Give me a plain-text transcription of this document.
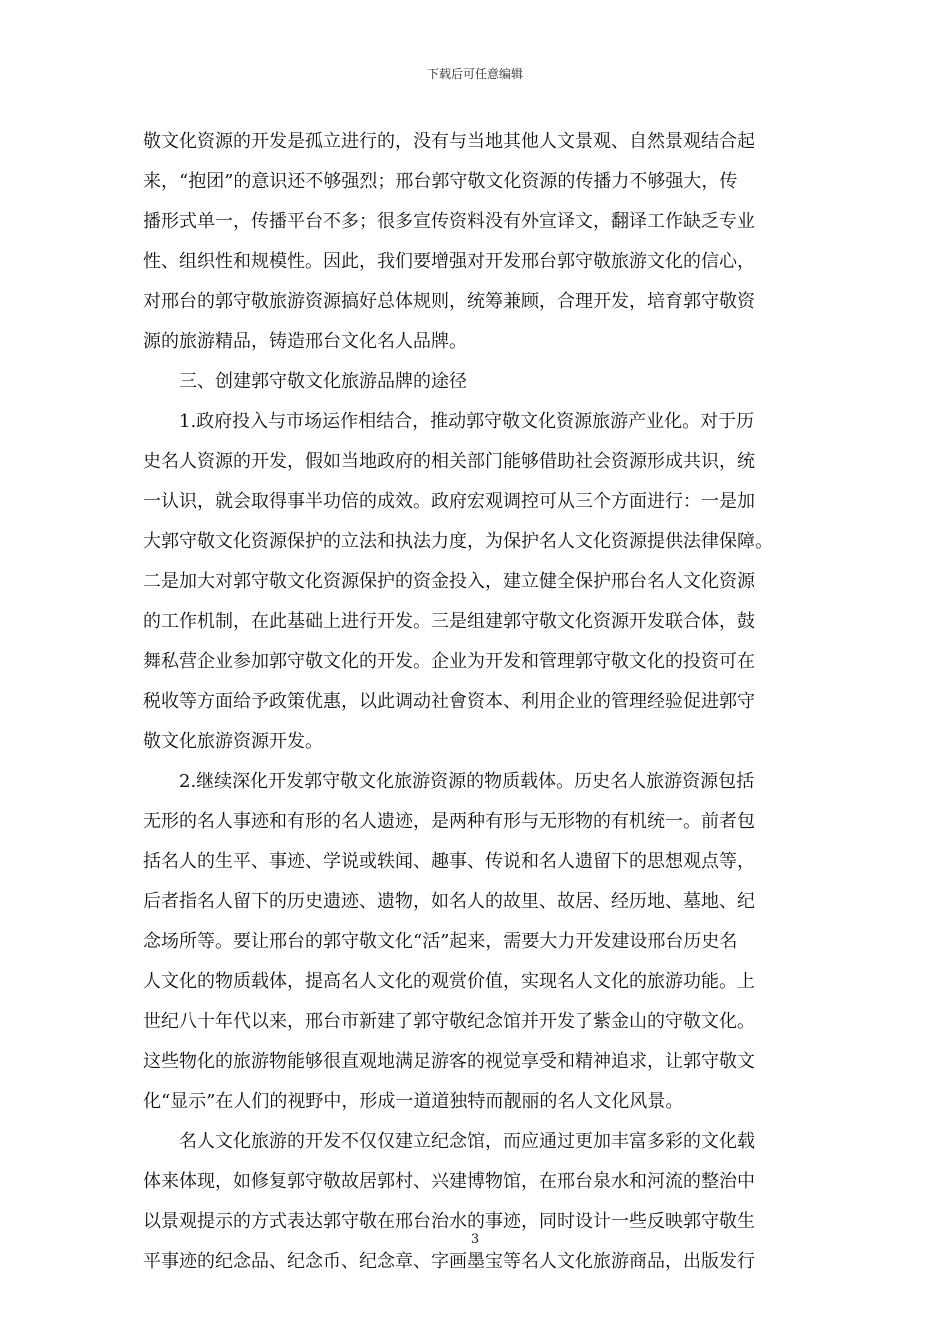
下载后可任意编辑
敬文化资源的开发是孤立进行的，没有与当地其他人文景观、自然景观结合起
来，“抱团”的意识还不够强烈；邢台郭守敬文化资源的传播力不够强大，传
播形式单一，传播平台不多；很多宣传资料没有外宣译文，翻译工作缺乏专业
性、组织性和规模性。因此，我们要增强对开发邢台郭守敬旅游文化的信心，
对邢台的郭守敬旅游资源搞好总体规则，统筹兼顾，合理开发，培育郭守敬资
源的旅游精品，铸造邢台文化名人品牌。
三、创建郭守敬文化旅游品牌的途径
1.政府投入与市场运作相结合，推动郭守敬文化资源旅游产业化。对于历
史名人资源的开发，假如当地政府的相关部门能够借助社会资源形成共识，统
一认识，就会取得事半功倍的成效。政府宏观调控可从三个方面进行：一是加
大郭守敬文化资源保护的立法和执法力度，为保护名人文化资源提供法律保障。
二是加大对郭守敬文化资源保护的资金投入，建立健全保护邢台名人文化资源
的工作机制，在此基础上进行开发。三是组建郭守敬文化资源开发联合体，鼓
舞私营企业参加郭守敬文化的开发。企业为开发和管理郭守敬文化的投资可在
税收等方面给予政策优惠，以此调动社會资本、利用企业的管理经验促进郭守
敬文化旅游资源开发。
2.继续深化开发郭守敬文化旅游资源的物质载体。历史名人旅游资源包括
无形的名人事迹和有形的名人遗迹，是两种有形与无形物的有机统一。前者包
括名人的生平、事迹、学说或轶闻、趣事、传说和名人遗留下的思想观点等，
后者指名人留下的历史遗迹、遗物，如名人的故里、故居、经历地、墓地、纪
念场所等。要让邢台的郭守敬文化“活”起来，需要大力开发建设邢台历史名
人文化的物质载体，提高名人文化的观赏价值，实现名人文化的旅游功能。上
世纪八十年代以来，邢台市新建了郭守敬纪念馆并开发了紫金山的守敬文化。
这些物化的旅游物能够很直观地满足游客的视觉享受和精神追求，让郭守敬文
化“显示”在人们的视野中，形成一道道独特而靓丽的名人文化风景。
名人文化旅游的开发不仅仅建立纪念馆，而应通过更加丰富多彩的文化载
体来体现，如修复郭守敬故居郭村、兴建博物馆，在邢台泉水和河流的整治中
以景观提示的方式表达郭守敬在邢台治水的事迹，同时设计一些反映郭守敬生
平事迹的纪念品、纪念币、纪念章、字画墨宝等名人文化旅游商品，出版发行
3
